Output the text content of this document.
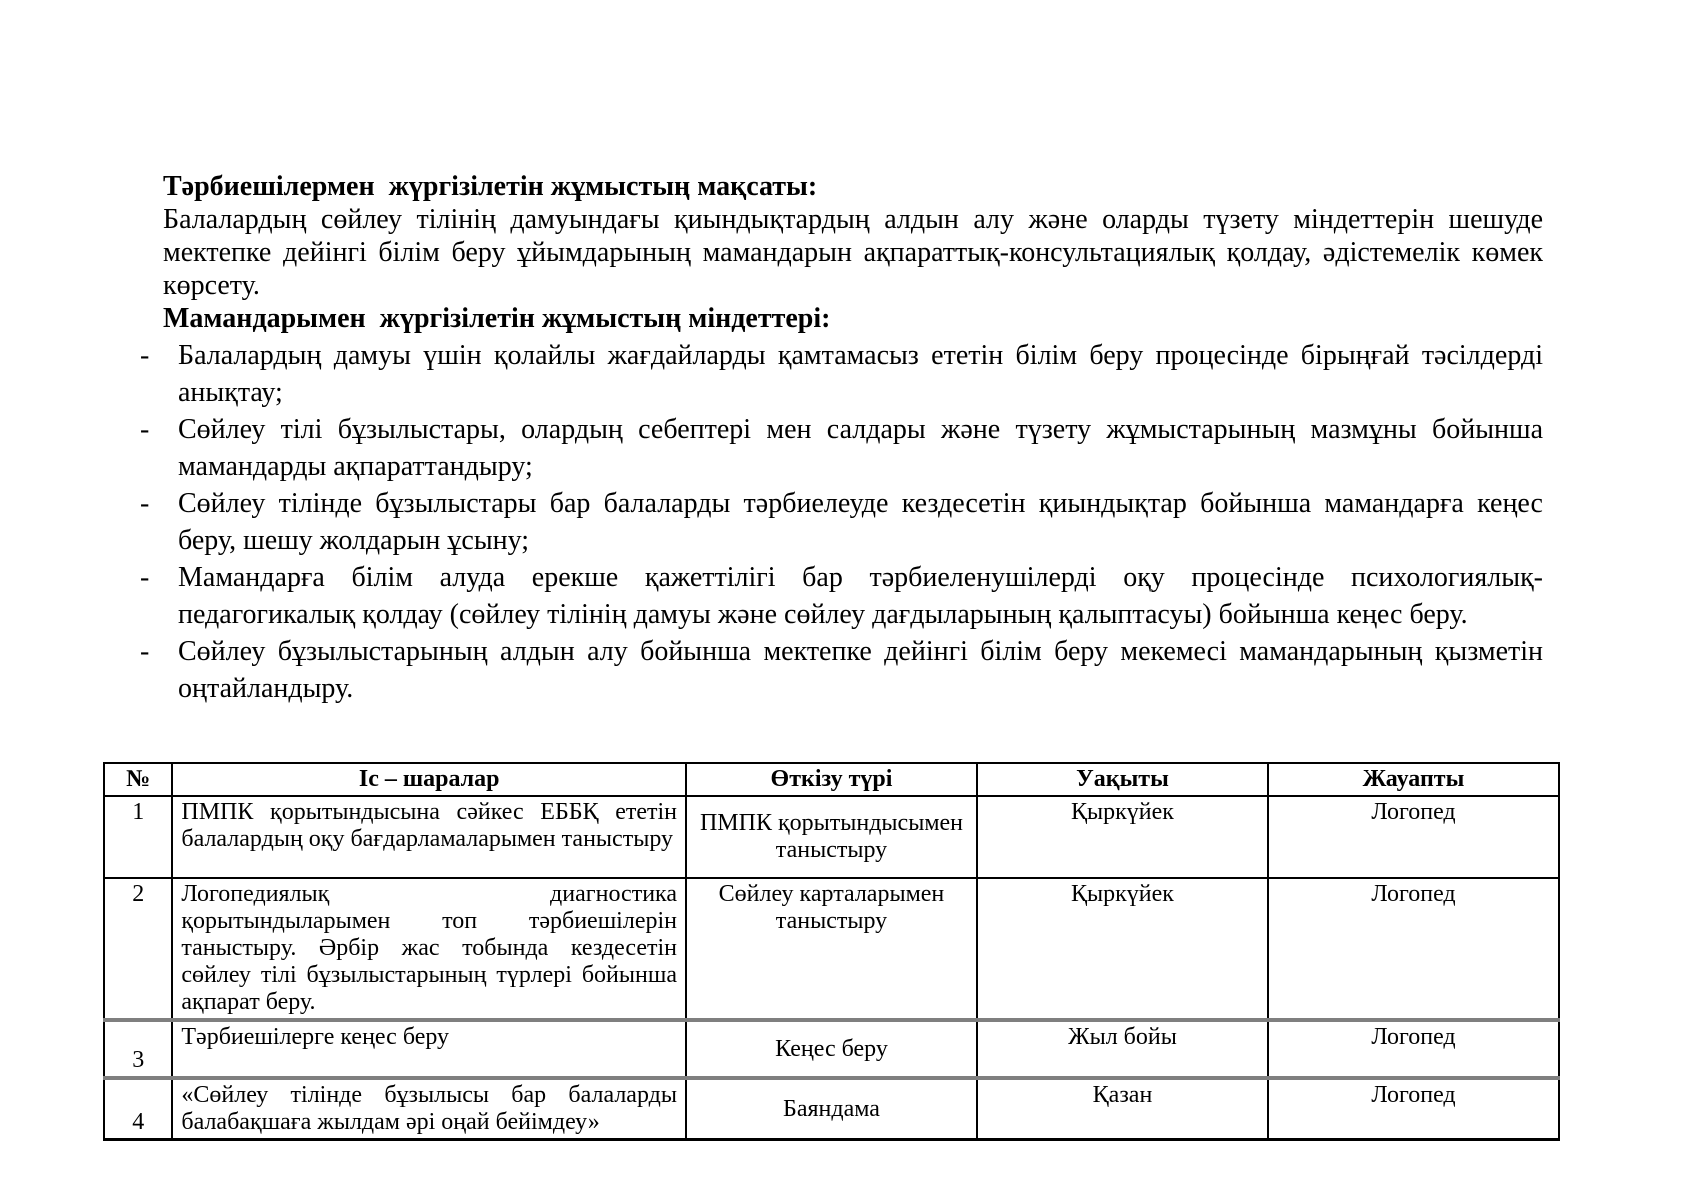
Тәрбиешілермен  жүргізілетін жұмыстың мақсаты:
Балалардың сөйлеу тілінің дамуындағы қиындықтардың алдын алу және оларды түзету міндеттерін шешуде мектепке дейінгі білім беру ұйымдарының мамандарын ақпараттық-консультациялық қолдау, әдістемелік көмек көрсету.
Мамандарымен  жүргізілетін жұмыстың міндеттері:
- Балалардың дамуы үшін қолайлы жағдайларды қамтамасыз ететін білім беру процесінде бірыңғай тәсілдерді анықтау;
- Сөйлеу тілі бұзылыстары, олардың себептері мен салдары және түзету жұмыстарының мазмұны бойынша мамандарды ақпараттандыру;
- Сөйлеу тілінде бұзылыстары бар балаларды тәрбиелеуде кездесетін қиындықтар бойынша мамандарға кеңес беру, шешу жолдарын ұсыну;
- Мамандарға білім алуда ерекше қажеттілігі бар тәрбиеленушілерді оқу процесінде психологиялық-педагогикалық қолдау (сөйлеу тілінің дамуы және сөйлеу дағдыларының қалыптасуы) бойынша кеңес беру.
- Сөйлеу бұзылыстарының алдын алу бойынша мектепке дейінгі білім беру мекемесі мамандарының қызметін оңтайландыру.
№	Іс – шаралар	Өткізу түрі	Уақыты	Жауапты
1	ПМПК қорытындысына сәйкес ЕББҚ ететін балалардың оқу бағдарламаларымен таныстыру	ПМПК қорытындысымен таныстыру	Қыркүйек	Логопед
2	Логопедиялық диагностика қорытындыларымен топ тәрбиешілерін таныстыру. Әрбір жас тобында кездесетін сөйлеу тілі бұзылыстарының түрлері бойынша ақпарат беру.	Сөйлеу карталарымен таныстыру	Қыркүйек	Логопед
3	Тәрбиешілерге кеңес беру	Кеңес беру	Жыл бойы	Логопед
4	«Сөйлеу тілінде бұзылысы бар балаларды балабақшаға жылдам әрі оңай бейімдеу»	Баяндама	Қазан	Логопед
